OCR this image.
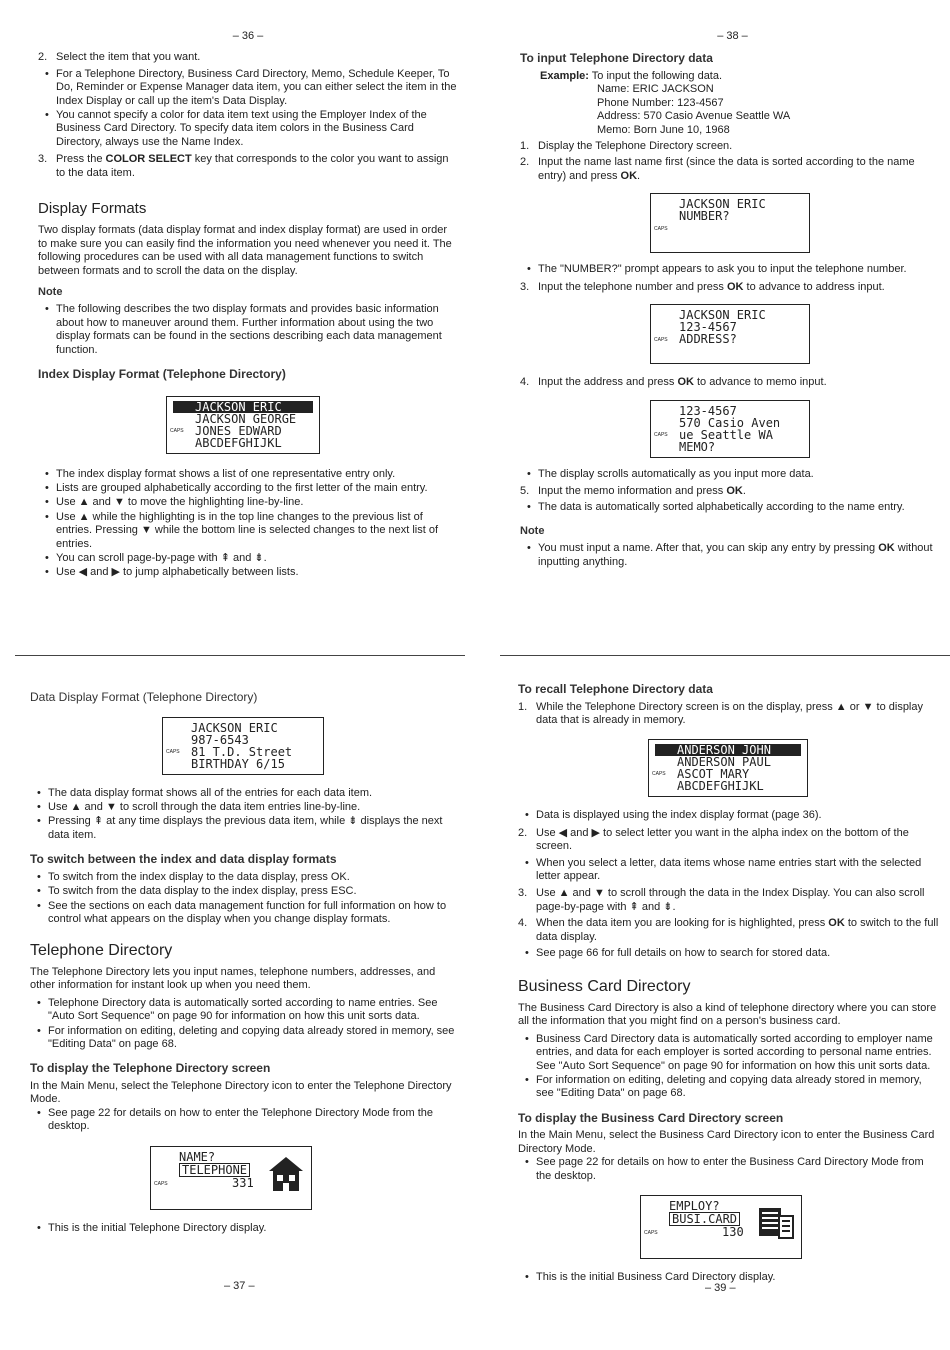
– 36 –
2. Select the item that you want.
• For a Telephone Directory, Business Card Directory, Memo, Schedule Keeper, To Do, Reminder or Expense Manager data item, you can either select the item in the Index Display or call up the item's Data Display.
• You cannot specify a color for data item text using the Employer Index of the Business Card Directory. To specify data item colors in the Business Card Directory, always use the Name Index.
3. Press the COLOR SELECT key that corresponds to the color you want to assign to the data item.
Display Formats

Two display formats (data display format and index display format) are used in order to make sure you can easily find the information you need whenever you need it. The following procedures can be used with all data management functions to switch between formats and to scroll the data on the display.

Note
• The following describes the two display formats and provides basic information about how to maneuver around them. Further information about using the two display formats can be found in the sections describing each data management function.
Index Display Format (Telephone Directory)
CAPS
JACKSON ERIC
JACKSON GEORGE
JONES EDWARD
ABCDEFGHIJKL
• The index display format shows a list of one representative entry only.
• Lists are grouped alphabetically according to the first letter of the main entry.
• Use ▲ and ▼ to move the highlighting line-by-line.
• Use ▲ while the highlighting is in the top line changes to the previous list of entries. Pressing ▼ while the bottom line is selected changes to the next list of entries.
• You can scroll page-by-page with ⇞ and ⇟.
• Use ◀ and ▶ to jump alphabetically between lists.
– 38 –
To input Telephone Directory data
Example: To input the following data.
Name: ERIC JACKSON
Phone Number: 123-4567
Address: 570 Casio Avenue Seattle WA
Memo: Born June 10, 1968
1. Display the Telephone Directory screen.
2. Input the name last name first (since the data is sorted according to the name entry) and press OK.
CAPS
JACKSON ERIC
NUMBER?
• The "NUMBER?" prompt appears to ask you to input the telephone number.
3. Input the telephone number and press OK to advance to address input.
CAPS
JACKSON ERIC
123-4567
ADDRESS?
4. Input the address and press OK to advance to memo input.
CAPS
123-4567
570 Casio Aven
ue Seattle WA
MEMO?
• The display scrolls automatically as you input more data.
5. Input the memo information and press OK.
• The data is automatically sorted alphabetically according to the name entry.
Note
• You must input a name. After that, you can skip any entry by pressing OK without inputting anything.
Data Display Format (Telephone Directory)
CAPS
JACKSON ERIC
987-6543
81 T.D. Street
BIRTHDAY 6/15
• The data display format shows all of the entries for each data item.
• Use ▲ and ▼ to scroll through the data item entries line-by-line.
• Pressing ⇞ at any time displays the previous data item, while ⇟ displays the next data item.
To switch between the index and data display formats
• To switch from the index display to the data display, press OK.
• To switch from the data display to the index display, press ESC.
• See the sections on each data management function for full information on how to control what appears on the display when you change display formats.
Telephone Directory

The Telephone Directory lets you input names, telephone numbers, addresses, and other information for instant look up when you need them.

• Telephone Directory data is automatically sorted according to name entries. See "Auto Sort Sequence" on page 90 for information on how this unit sorts data.
• For information on editing, deleting and copying data already stored in memory, see "Editing Data" on page 68.
To display the Telephone Directory screen

In the Main Menu, select the Telephone Directory icon to enter the Telephone Directory Mode.

• See page 22 for details on how to enter the Telephone Directory Mode from the desktop.
CAPS
NAME?
TELEPHONE
331
• This is the initial Telephone Directory display.
– 37 –
To recall Telephone Directory data
1. While the Telephone Directory screen is on the display, press ▲ or ▼ to display data that is already in memory.
CAPS
ANDERSON JOHN
ANDERSON PAUL
ASCOT MARY
ABCDEFGHIJKL
• Data is displayed using the index display format (page 36).
2. Use ◀ and ▶ to select letter you want in the alpha index on the bottom of the screen.
• When you select a letter, data items whose name entries start with the selected letter appear.
3. Use ▲ and ▼ to scroll through the data in the Index Display. You can also scroll page-by-page with ⇞ and ⇟.
4. When the data item you are looking for is highlighted, press OK to switch to the full data display.
• See page 66 for full details on how to search for stored data.
Business Card Directory

The Business Card Directory is also a kind of telephone directory where you can store all the information that you might find on a person's business card.

• Business Card Directory data is automatically sorted according to employer name entries, and data for each employer is sorted according to personal name entries. See "Auto Sort Sequence" on page 90 for information on how this unit sorts data.
• For information on editing, deleting and copying data already stored in memory, see "Editing Data" on page 68.
To display the Business Card Directory screen

In the Main Menu, select the Business Card Directory icon to enter the Business Card Directory Mode.

• See page 22 for details on how to enter the Business Card Directory Mode from the desktop.
CAPS
EMPLOY?
BUSI.CARD
130
• This is the initial Business Card Directory display.
– 39 –
